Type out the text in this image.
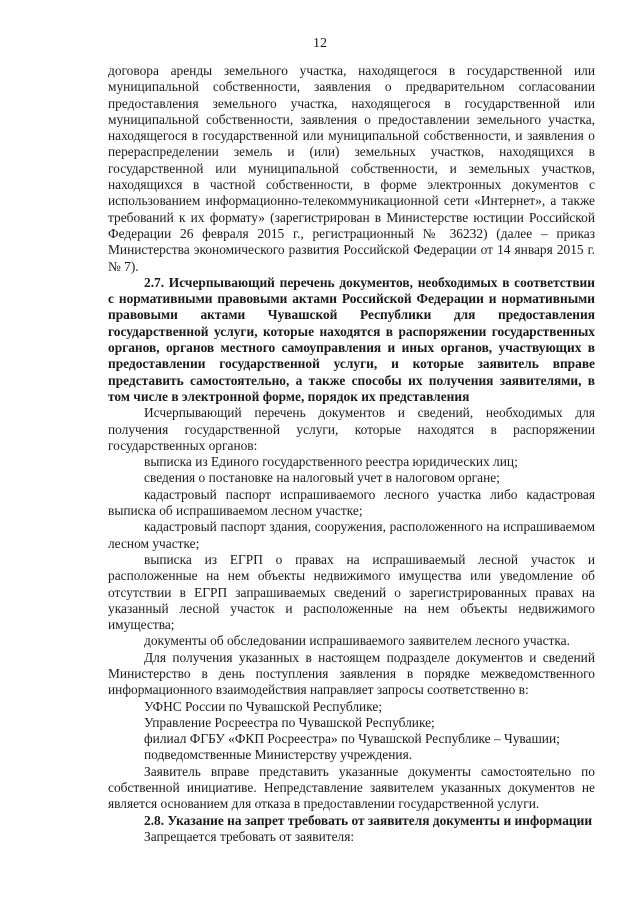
12

договора аренды земельного участка, находящегося в государственной или муниципальной собственности, заявления о предварительном согласовании предоставления земельного участка, находящегося в государственной или муниципальной собственности, заявления о предоставлении земельного участка, находящегося в государственной или муниципальной собственности, и заявления о перераспределении земель и (или) земельных участков, находящихся в государственной или муниципальной собственности, и земельных участков, находящихся в частной собственности, в форме электронных документов с использованием информационно-телекоммуникационной сети «Интернет», а также требований к их формату» (зарегистрирован в Министерстве юстиции Российской Федерации 26 февраля 2015 г., регистрационный № 36232) (далее – приказ Министерства экономического развития Российской Федерации от 14 января 2015 г. № 7).

2.7. Исчерпывающий перечень документов, необходимых в соответствии с нормативными правовыми актами Российской Федерации и нормативными правовыми актами Чувашской Республики для предоставления государственной услуги, которые находятся в распоряжении государственных органов, органов местного самоуправления и иных органов, участвующих в предоставлении государственной услуги, и которые заявитель вправе представить самостоятельно, а также способы их получения заявителями, в том числе в электронной форме, порядок их представления

Исчерпывающий перечень документов и сведений, необходимых для получения государственной услуги, которые находятся в распоряжении государственных органов:

выписка из Единого государственного реестра юридических лиц;

сведения о постановке на налоговый учет в налоговом органе;

кадастровый паспорт испрашиваемого лесного участка либо кадастровая выписка об испрашиваемом лесном участке;

кадастровый паспорт здания, сооружения, расположенного на испрашиваемом лесном участке;

выписка из ЕГРП о правах на испрашиваемый лесной участок и расположенные на нем объекты недвижимого имущества или уведомление об отсутствии в ЕГРП запрашиваемых сведений о зарегистрированных правах на указанный лесной участок и расположенные на нем объекты недвижимого имущества;

документы об обследовании испрашиваемого заявителем лесного участка.

Для получения указанных в настоящем подразделе документов и сведений Министерство в день поступления заявления в порядке межведомственного информационного взаимодействия направляет запросы соответственно в:

УФНС России по Чувашской Республике;

Управление Росреестра по Чувашской Республике;

филиал ФГБУ «ФКП Росреестра» по Чувашской Республике – Чувашии;

подведомственные Министерству учреждения.

Заявитель вправе представить указанные документы самостоятельно по собственной инициативе. Непредставление заявителем указанных документов не является основанием для отказа в предоставлении государственной услуги.

2.8. Указание на запрет требовать от заявителя документы и информации

Запрещается требовать от заявителя:
